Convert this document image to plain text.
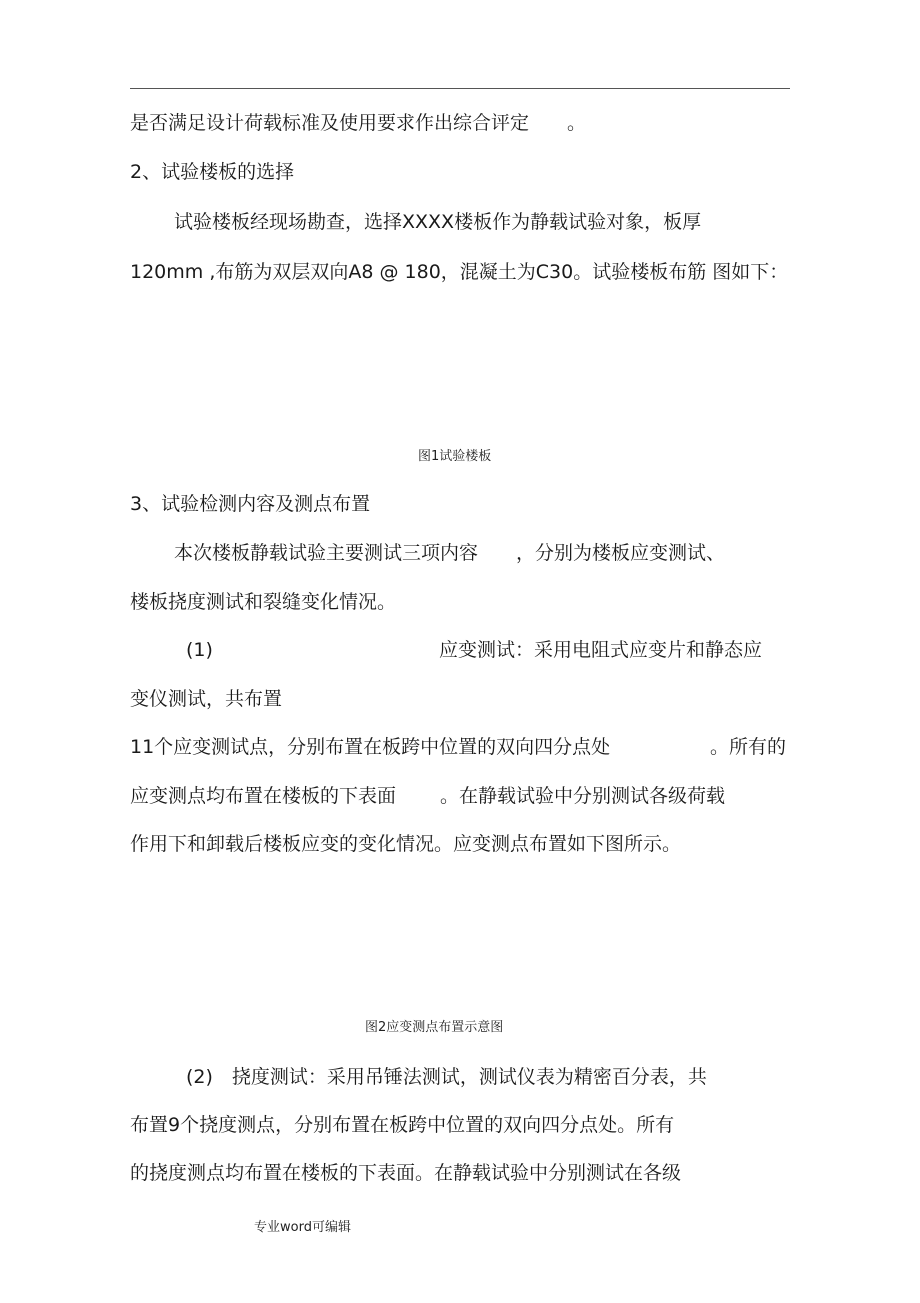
是否满足设计荷载标准及使用要求作出综合评定　　。
2、试验楼板的选择
试验楼板经现场勘查，选择XXXX楼板作为静载试验对象，板厚
120mm ,布筋为双层双向A8 @ 180，混凝土为C30。试验楼板布筋 图如下：
图1试验楼板
3、试验检测内容及测点布置
本次楼板静载试验主要测试三项内容　　，分别为楼板应变测试、
楼板挠度测试和裂缝变化情况。
(1)	应变测试：采用电阻式应变片和静态应
变仪测试，共布置
11个应变测试点，分别布置在板跨中位置的双向四分点处	。所有的
应变测点均布置在楼板的下表面 。在静载试验中分别测试各级荷载
作用下和卸载后楼板应变的变化情况。应变测点布置如下图所示。
图2应变测点布置示意图
(2)　挠度测试：采用吊锤法测试，测试仪表为精密百分表，共
布置9个挠度测点，分别布置在板跨中位置的双向四分点处。所有
的挠度测点均布置在楼板的下表面。在静载试验中分别测试在各级
专业word可编辑
